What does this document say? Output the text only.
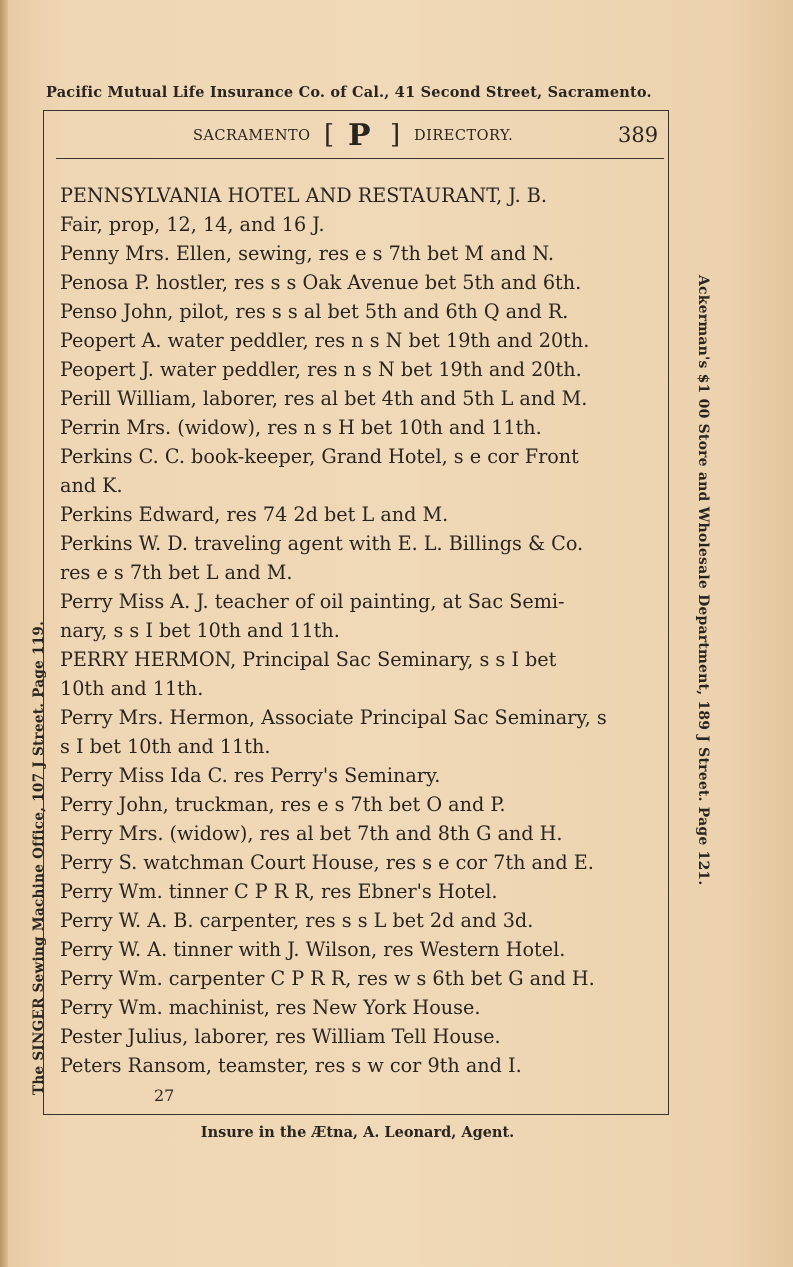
Pacific Mutual Life Insurance Co. of Cal., 41 Second Street, Sacramento.
The SINGER Sewing Machine Office, 107 J Street. Page 119.	Ackerman's $1 00 Store and Wholesale Department, 189 J Street. Page 121.
SACRAMENTO [ P ] DIRECTORY.	389
PENNSYLVANIA HOTEL AND RESTAURANT, J. B.
Fair, prop, 12, 14, and 16 J.
Penny Mrs. Ellen, sewing, res e s 7th bet M and N.
Penosa P. hostler, res s s Oak Avenue bet 5th and 6th.
Penso John, pilot, res s s al bet 5th and 6th Q and R.
Peopert A. water peddler, res n s N bet 19th and 20th.
Peopert J. water peddler, res n s N bet 19th and 20th.
Perill William, laborer, res al bet 4th and 5th L and M.
Perrin Mrs. (widow), res n s H bet 10th and 11th.
Perkins C. C. book-keeper, Grand Hotel, s e cor Front
and K.
Perkins Edward, res 74 2d bet L and M.
Perkins W. D. traveling agent with E. L. Billings & Co.
res e s 7th bet L and M.
Perry Miss A. J. teacher of oil painting, at Sac Semi-
nary, s s I bet 10th and 11th.
PERRY HERMON, Principal Sac Seminary, s s I bet
10th and 11th.
Perry Mrs. Hermon, Associate Principal Sac Seminary, s
s I bet 10th and 11th.
Perry Miss Ida C. res Perry's Seminary.
Perry John, truckman, res e s 7th bet O and P.
Perry Mrs. (widow), res al bet 7th and 8th G and H.
Perry S. watchman Court House, res s e cor 7th and E.
Perry Wm. tinner C P R R, res Ebner's Hotel.
Perry W. A. B. carpenter, res s s L bet 2d and 3d.
Perry W. A. tinner with J. Wilson, res Western Hotel.
Perry Wm. carpenter C P R R, res w s 6th bet G and H.
Perry Wm. machinist, res New York House.
Pester Julius, laborer, res William Tell House.
Peters Ransom, teamster, res s w cor 9th and I.
27
Insure in the Ætna, A. Leonard, Agent.
